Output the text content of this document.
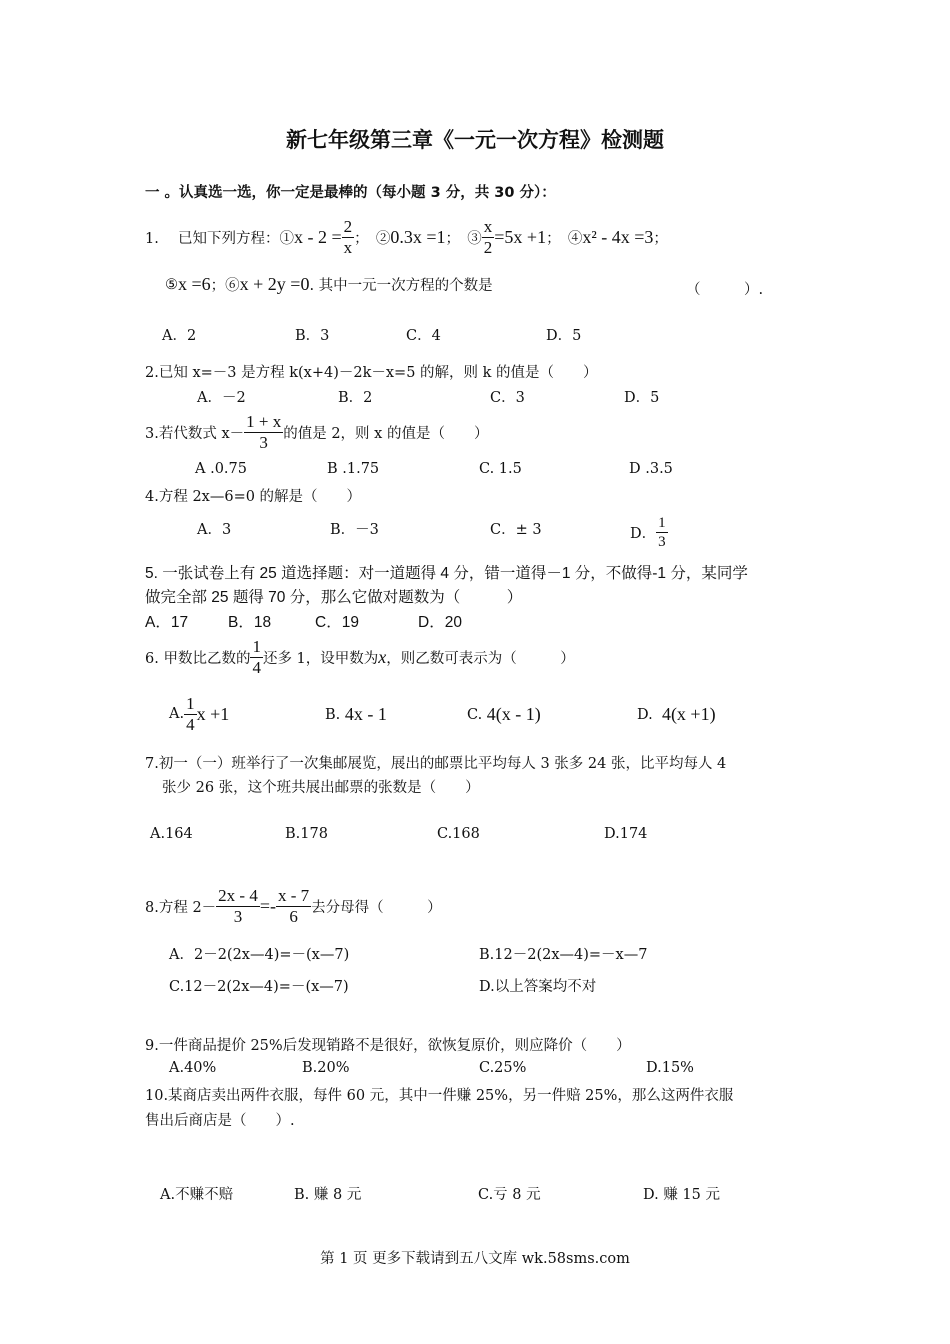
新七年级第三章《一元一次方程》检测题
一 。认真选一选，你一定是最棒的（每小题 3 分，共 30 分）：
1.　 已知下列方程：① $x - 2 = \frac{2}{x}$ ；　② 0.3x =1 ；　③ $\frac{x}{2} =5x +1$ ；　④ x² - 4x =3 ；
⑤ x =6 ；⑥ x + 2y =0 . 其中一元一次方程的个数是	（　　　）.
A．2	B．3	C．4	D．5
2.已知 x=－3 是方程 k(x+4)－2k－x=5 的解，则 k 的值是（　　）
A．－2	B．2	C．3	D．5
3.若代数式 $x- \frac{1 + x}{3}$ 的值是 2，则 x 的值是（　　）
A .0.75	B .1.75	C. 1.5	D .3.5
4.方程 2x—6=0 的解是（　　）
A．3	B．－3	C．± 3	D． $\frac{1}{3}$
5. 一张试卷上有 25 道选择题：对一道题得 4 分，错一道得－1 分，不做得-1 分，某同学
做完全部 25 题得 70 分，那么它做对题数为（　　　）
A．17	B．18	C．19	D．20
6. 甲数比乙数的 $\frac{1}{4}$ 还多 1，设甲数为 x ，则乙数可表示为（　　　）
A. $\frac{1}{4}$ x +1	B.
4x - 1	C.
4(x - 1)	D.
4(x +1)
7.初一（一）班举行了一次集邮展览，展出的邮票比平均每人 3 张多 24 张，比平均每人 4
张少 26 张，这个班共展出邮票的张数是（　　）
A.164	B.178	C.168	D.174
8.方程 $2- \frac{2x - 4}{3} =- \frac{x - 7}{6}$ 去分母得（　　　）
A．2－2(2x—4)=－(x—7)	B.12－2(2x—4)=－x—7
C.12－2(2x—4)=－(x—7)	D.以上答案均不对
9.一件商品提价 25%后发现销路不是很好，欲恢复原价，则应降价（　　）
A.40%	B.20%	C.25%	D.15%
10.某商店卖出两件衣服，每件 60 元，其中一件赚 25%，另一件赔 25%，那么这两件衣服
售出后商店是（　　）.
A.不赚不赔	B. 赚 8 元	C.亏 8 元	D. 赚 15 元
第 1 页 更多下载请到五八文库 wk.58sms.com
